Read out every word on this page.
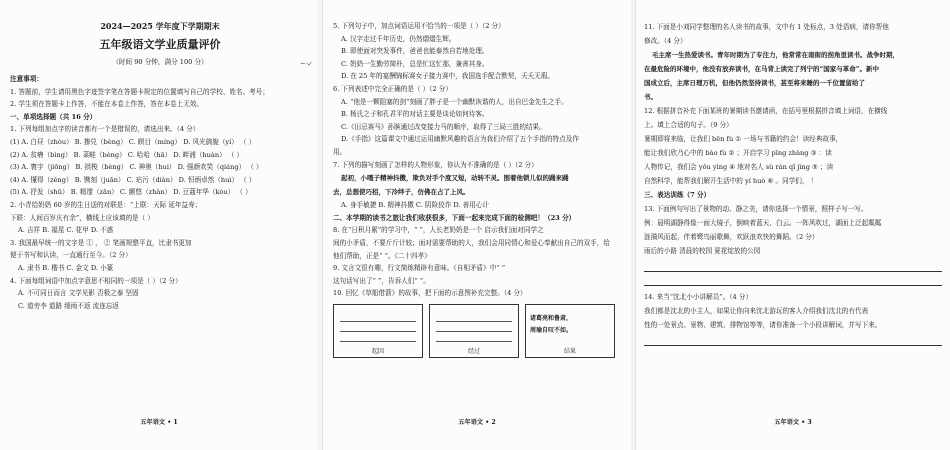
~ ·✓
2024—2025 学年度下学期期末
五年级语文学业质量评价
（时间 90 分钟，满分 100 分）
注意事项：
1. 答题前，学生请用黑色字迹签字笔在答题卡规定的位置填写自己的学校、姓名、考号；
2. 学生须在答题卡上作答，不能在本卷上作答，答在本卷上无效。
一、单项选择题（共 16 分）
1. 下列每组加点字的读音都有一个是错误的，请选出来。（4 分）
(1) A. 白昼（zhòu） B. 掺兑（bèng） C. 瞑目（míng） D. 风光旖旎（yí） （ ）
(2) A. 贫瘠（bìng） B. 菜畦（bèng） C. 哈哈（hā） D. 畔浦（huàn） （ ）
(3) A. 寰宇（jiōng） B. 拱梭（bèng） C. 神奥（hui） D. 强颜欢笑（qiáng） （ ）
(4) A. 懂得（zěng） B. 镌刻（juān） C. 玷污（diàn） D. 恒炳卓然（huì） （ ）
(5) A. 抒发（shū） B. 精邃（zān） C. 颤悠（zhàn） D. 豆蔻年华（kòu） （ ）
2. 小青给奶奶 60 岁的生日送的对联是：“上联：天际 延年益寿；
下联：人间百岁庆有余”，横线上应该填的是（ ）
A. 吉祥 B. 福星 C. 花甲 D. 不惑
3. 我国最早统一的文字是 ① ， ② 笔画规整平直，比隶书更加
便于书写和认读，一直通行至今。（2 分）
A. 隶书 B. 楷书 C. 金文 D. 小篆
4. 下面每组词语中加点字意思不相同的一项是（ ）（2 分）
A. 不可同日而言 文学见影 否极之泰 坚固
C. 道旁李 道路 细雨不返 流连忘返
五年语文 • 1
5. 下列句子中，加点词语运用不恰当的一项是（ ）（2 分）
A. 汉字走过千年历史，仍然熠熠生辉。
B. 即使面对突发事件，爸爸也能泰然自若地处理。
C. 奶奶一生勤劳简朴，总是忙这忙那，兼善其身。
D. 在 25 年的宴酬锦标赛女子接力赛中，我国选手配合默契，夭夭无瑕。
6. 下列表述中完全正确的是（ ）（2 分）
A. “他是一颗阻塞的剑”刻画了胖子是一个幽默诙谐的人，出自巴金先生之手。
B. 杨氏之子和孔君平的对话主要是谈论如何待客。
C.《田忌赛马》孙膑通过改变接力马的顺序，取得了三局三胜的结果。
D.《手指》这篇课文中通过运用幽默风趣的语言为我们介绍了五个手指的特点及作
用。
7. 下列的描写刻画了怎样的人物形象，你认为不准确的是（ ）（2 分）
起初，小嘎子精神抖擞，欺负对手个度又短，动转不灵。围着他锁儿似的踊来踊
去，总想使巧招，下冷绊子，仿佛在占了上风。
A. 身手敏捷 B. 精神抖擞 C. 阴险狡诈 D. 善用心计
二、本学期的读书之旅让我们收获很多，下面一起来完成下面的检测吧！（23 分）
8. 在“日积月累”的学习中，“ ”，人长老奶奶是一个 启示我们面对同学之
间的小矛盾，不要斤斤计较；面对需要帮助的人，我们会用同情心和爱心奉献出自己的双手，给
他们帮助，正是“ ”。《二十四孝》
9. 文言文很有趣，行文简练精辟有意味。《自相矛盾》中“ ”
这句话写出了“ ”，告诉人们“ ”。
10. 回忆《草船借箭》的故事，把下面的示意图补充完整。（4 分）
起因	经过
诸葛亮和鲁肃，
周瑜自叹不如。
结果
五年语文 • 2
11. 下面是小刘同学整理的名人读书的故事，文中有 1 处标点，3 处语病，请你帮他
修改。（4 分）
毛主席一生热爱读书。青年时期为了专注力，他常常在南街的拐角里读书。战争时期，
在最危险的环境中，他没有放弃读书，在马背上读完了列宁的“国家与革命”。新中
国成立后，主席日理万机，但他仍然坚持读书，甚至将来睡的一千位置留给了
书。
12. 根据拼音补充下面某班的暑期读书邀请函，在括号里根据拼音填上词语，在横线
上。填上合适的句子。（9 分）
暑期即将来临，让我们 bēn fù ① 一场与书籍的约会！读经典故事，
能让我们欣乃心中的 bào fù ② ；开启学习 pīng zhàng ③ ：读
人物传记，我们会 yǒu yìng ④ 地对名人 sù rán qǐ jìng ⑤ ；读
自然科学，能帮我们解开生活中的 yí huò ⑥ 。同学们， ！
三、表达训练（7 分）
13. 下面例句写出了景物的动、静之美，请你选择一个情景，照样子写一写。
例：晨明湖静得像一面大镜子，倒映着蓝天、白云。一阵风吹过，湖面上泛起粼粼
涟漪风而起，伴着鹭鸟丽歌舞，欢跃浪欢快的舞蹈。（2 分）
雨后的小路 清晨的校园 夏花绽放的公园
14. 来当“沈北小小讲解员”。（4 分）
我们都是沈北的小主人，如果让你向来沈北游玩的客人介绍我们沈北的有代表
性的一处景点、景物、建筑、排物馆等等，请你准备一个小段讲解词，并写下来。
五年语文 • 3
